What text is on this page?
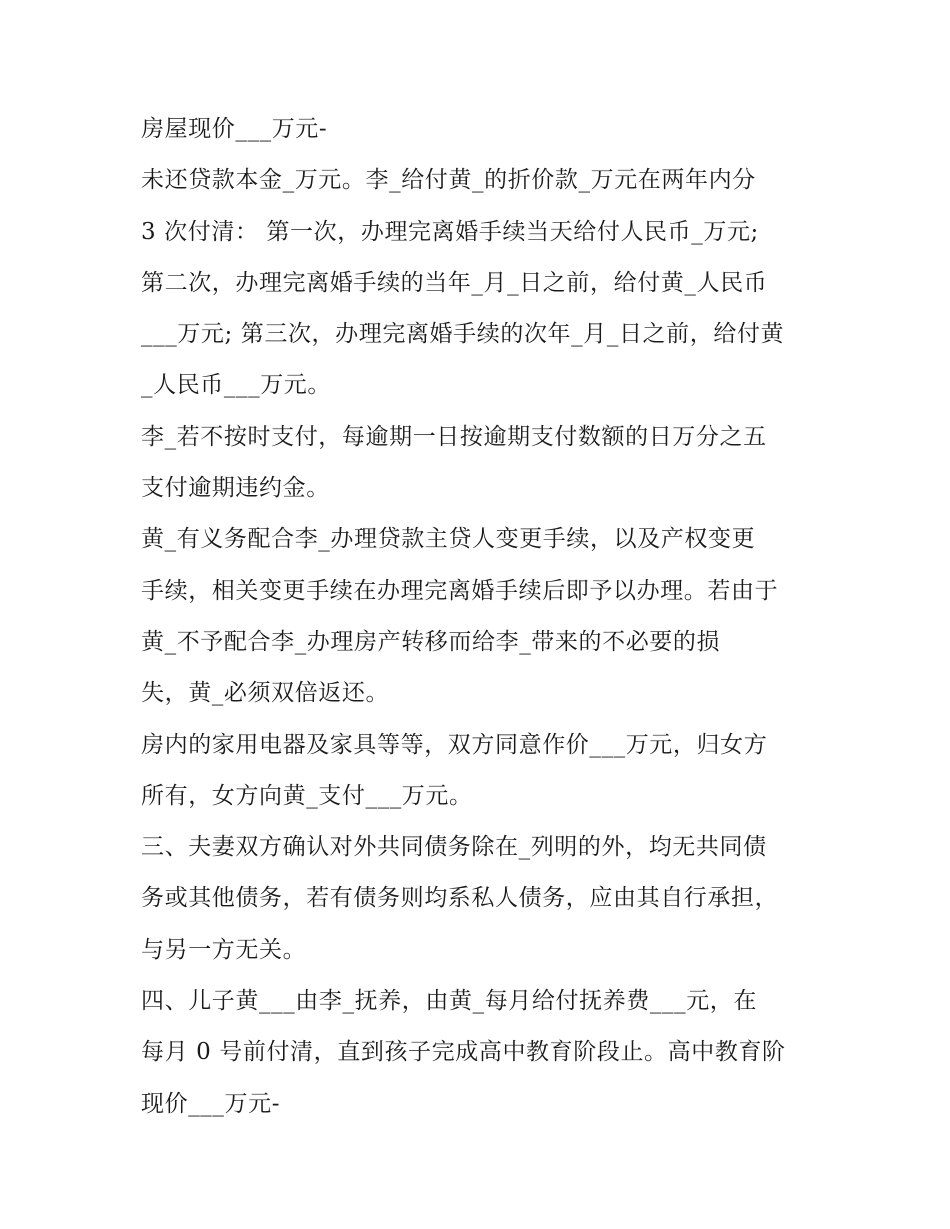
房屋现价___万元-
未还贷款本金_万元。李_给付黄_的折价款_万元在两年内分
3 次付清： 第一次，办理完离婚手续当天给付人民币_万元;
第二次，办理完离婚手续的当年_月_日之前，给付黄_人民币
___万元; 第三次，办理完离婚手续的次年_月_日之前，给付黄
_人民币___万元。
李_若不按时支付，每逾期一日按逾期支付数额的日万分之五
支付逾期违约金。
黄_有义务配合李_办理贷款主贷人变更手续，以及产权变更
手续，相关变更手续在办理完离婚手续后即予以办理。若由于
黄_不予配合李_办理房产转移而给李_带来的不必要的损
失，黄_必须双倍返还。
房内的家用电器及家具等等，双方同意作价___万元，归女方
所有，女方向黄_支付___万元。
三、夫妻双方确认对外共同债务除在_列明的外，均无共同债
务或其他债务，若有债务则均系私人债务，应由其自行承担，
与另一方无关。
四、儿子黄___由李_抚养，由黄_每月给付抚养费___元，在
每月 0 号前付清，直到孩子完成高中教育阶段止。高中教育阶
现价___万元-
